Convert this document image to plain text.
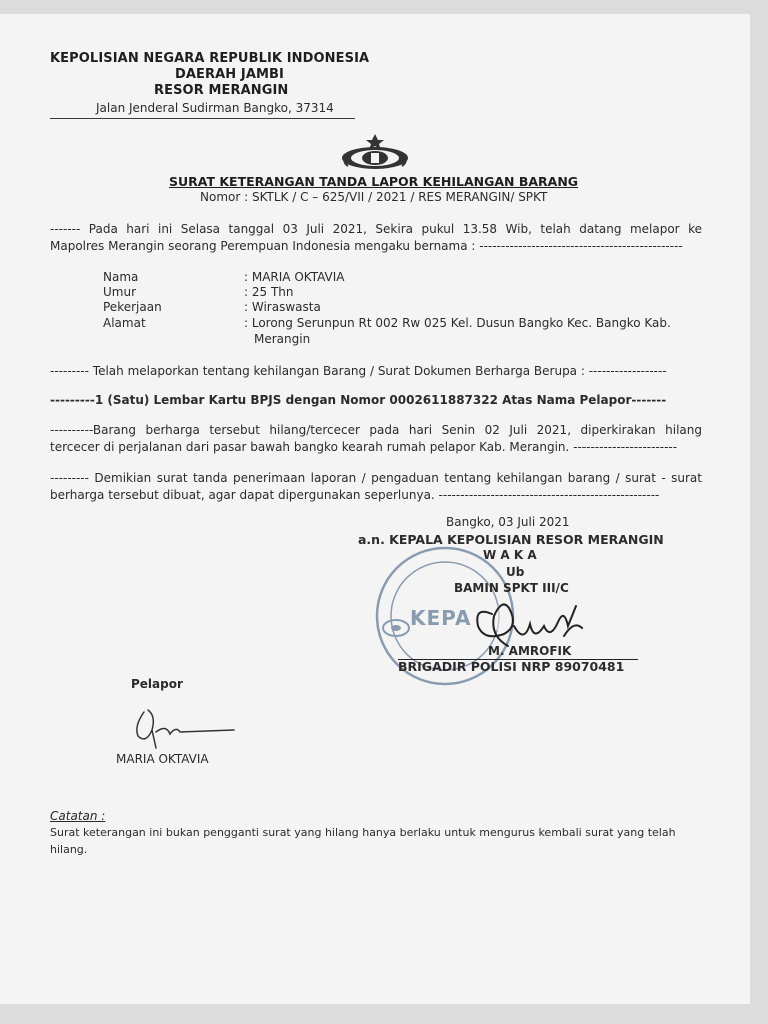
KEPOLISIAN NEGARA REPUBLIK INDONESIA
DAERAH JAMBI
RESOR MERANGIN
Jalan Jenderal Sudirman Bangko, 37314
SURAT KETERANGAN TANDA LAPOR KEHILANGAN BARANG
Nomor : SKTLK / C – 625/VII / 2021 / RES MERANGIN/ SPKT
------- Pada hari ini Selasa tanggal 03 Juli 2021, Sekira pukul 13.58 Wib, telah datang melapor ke
Mapolres Merangin seorang Perempuan Indonesia mengaku bernama : -----------------------------------------------
Nama	: MARIA OKTAVIA
Umur	: 25 Thn
Pekerjaan	: Wiraswasta
Alamat	: Lorong Serunpun Rt 002 Rw 025 Kel. Dusun Bangko Kec. Bangko Kab.
Merangin
--------- Telah melaporkan tentang kehilangan Barang / Surat Dokumen Berharga Berupa : ------------------
---------1 (Satu) Lembar Kartu BPJS dengan Nomor 0002611887322 Atas Nama Pelapor-------
----------Barang berharga tersebut hilang/tercecer pada hari Senin 02 Juli 2021, diperkirakan hilang
tercecer di perjalanan dari pasar bawah bangko kearah rumah pelapor Kab. Merangin. ------------------------
--------- Demikian surat tanda penerimaan laporan / pengaduan tentang kehilangan barang / surat - surat
berharga tersebut dibuat, agar dapat dipergunakan seperlunya. ---------------------------------------------------
KEPA
Bangko, 03 Juli 2021
a.n. KEPALA KEPOLISIAN RESOR MERANGIN
W A K A
Ub
BAMIN SPKT III/C
M. AMROFIK
BRIGADIR POLISI NRP 89070481
Pelapor
MARIA OKTAVIA
Catatan :
Surat keterangan ini bukan pengganti surat yang hilang hanya berlaku untuk mengurus kembali surat yang telah
hilang.
